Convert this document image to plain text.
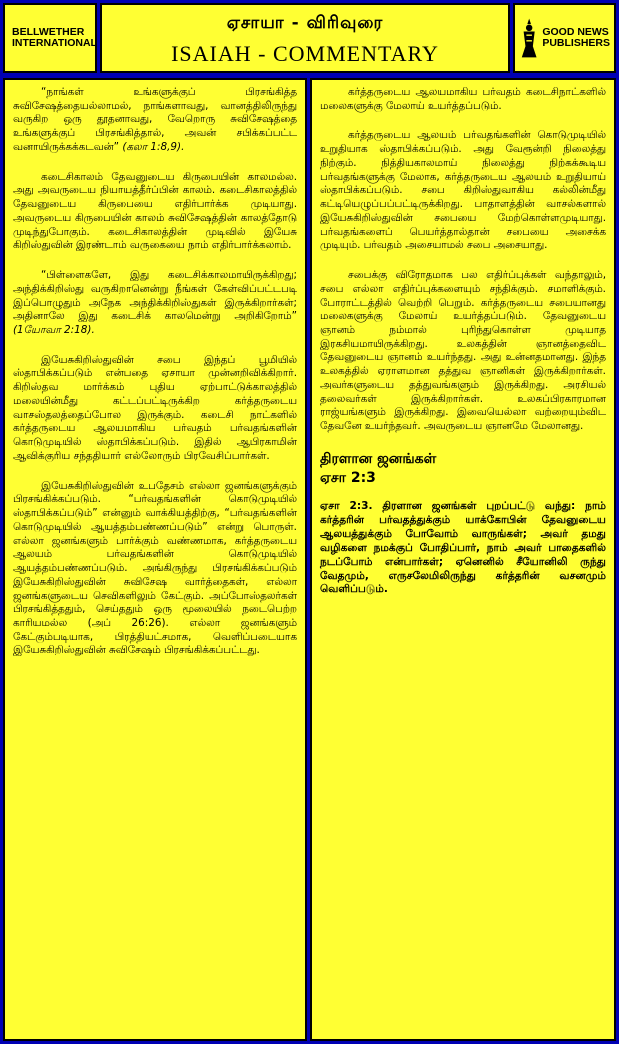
BELLWETHER
INTERNATIONAL
ஏசாயா - விரிவுரை
ISAIAH - COMMENTARY
GOOD NEWS
PUBLISHERS

“நாங்கள் உங்களுக்குப் பிரசங்கித்த சுவிசேஷத்தையல்லாமல், நாங்களாவது, வானத்திலிருந்து வருகிற ஒரு தூதனாவது, வேறொரு சுவிசேஷத்தை உங்களுக்குப் பிரசங்கித்தால், அவன் சபிக்கப்பட்ட வனாயிருக்கக்கடவன்” (கலா 1:8,9).

கடைசிகாலம் தேவனுடைய கிருபையின் காலமல்ல. அது அவருடைய நியாயத்தீர்ப்பின் காலம். கடைசிகாலத்தில் தேவனுடைய கிருபையை எதிர்பார்க்க முடியாது. அவருடைய கிருபையின் காலம் சுவிசேஷத்தின் காலத்தோடு முடிந்துபோகும். கடைசிகாலத்தின் முடிவில் இயேசு கிறிஸ்துவின் இரண்டாம் வருகையை நாம் எதிர்பார்க்கலாம்.

“பிள்ளைகளே, இது கடைசிக்காலமாயிருக்கிறது; அந்திக்கிறிஸ்து வருகிறானென்று நீங்கள் கேள்விப்பட்டபடி இப்பொழுதும் அநேக அந்திக்கிறிஸ்துகள் இருக்கிறார்கள்; அதினாலே இது கடைசிக் காலமென்று அறிகிறோம்” (1யோவா 2:18).

இயேசுகிறிஸ்துவின் சபை இந்தப் பூமியில் ஸ்தாபிக்கப்படும் என்பதை ஏசாயா முன்னறிவிக்கிறார். கிறிஸ்தவ மார்க்கம் புதிய ஏற்பாட்டுக்காலத்தில் மலையின்மீது கட்டப்பட்டிருக்கிற கர்த்தருடைய வாசஸ்தலத்தைப்போல இருக்கும். கடைசி நாட்களில் கர்த்தருடைய ஆலயமாகிய பர்வதம் பர்வதங்களின் கொடுமுடியில் ஸ்தாபிக்கப்படும். இதில் ஆபிரகாமின் ஆவிக்குரிய சந்ததியார் எல்லோரும் பிரவேசிப்பார்கள்.

இயேசுகிறிஸ்துவின் உபதேசம் எல்லா ஜனங்களுக்கும் பிரசங்கிக்கப்படும். “பர்வதங்களின் கொடுமுடியில் ஸ்தாபிக்கப்படும்” என்னும் வாக்கியத்திற்கு, “பர்வதங்களின் கொடுமுடியில் ஆயத்தம்பண்ணப்படும்” என்று பொருள். எல்லா ஜனங்களும் பார்க்கும் வண்ணமாக, கர்த்தருடைய ஆலயம் பர்வதங்களின் கொடுமுடியில் ஆயத்தம்பண்ணப்படும். அங்கிருந்து பிரசங்கிக்கப்படும் இயேசுகிறிஸ்துவின் சுவிசேஷ வார்த்தைகள், எல்லா ஜனங்களுடைய செவிகளிலும் கேட்கும். அப்போஸ்தலர்கள் பிரசங்கித்ததும், செய்ததும் ஒரு மூலையில் நடைபெற்ற காரியமல்ல (அப் 26:26). எல்லா ஜனங்களும் கேட்கும்படியாக, பிரத்தியட்சமாக, வெளிப்படையாக இயேசுகிறிஸ்துவின் சுவிசேஷம் பிரசங்கிக்கப்பட்டது.

கர்த்தருடைய ஆலயமாகிய பர்வதம் கடைசிநாட்களில் மலைகளுக்கு மேலாய் உயர்த்தப்படும்.

கர்த்தருடைய ஆலயம் பர்வதங்களின் கொடுமுடியில் உறுதியாக ஸ்தாபிக்கப்படும். அது வேரூன்றி நிலைத்து நிற்கும். நித்தியகாலமாய் நிலைத்து நிற்கக்கூடிய பர்வதங்களுக்கு மேலாக, கர்த்தருடைய ஆலயம் உறுதியாய் ஸ்தாபிக்கப்படும். சபை கிறிஸ்துவாகிய கல்லின்மீது கட்டியெழுப்பப்பட்டிருக்கிறது. பாதாளத்தின் வாசல்களால் இயேசுகிறிஸ்துவின் சபையை மேற்கொள்ளமுடியாது. பர்வதங்களைப் பெயர்த்தால்தான் சபையை அசைக்க முடியும். பர்வதம் அசையாமல் சபை அசையாது.

சபைக்கு விரோதமாக பல எதிர்ப்புக்கள் வந்தாலும், சபை எல்லா எதிர்ப்புக்களையும் சந்திக்கும். சமாளிக்கும். போராட்டத்தில் வெற்றி பெறும். கர்த்தருடைய சபையானது மலைகளுக்கு மேலாய் உயர்த்தப்படும். தேவனுடைய ஞானம் நம்மால் புரிந்துகொள்ள முடியாத இரகசியமாயிருக்கிறது. உலகத்தின் ஞானத்தைவிட தேவனுடைய ஞானம் உயர்ந்தது. அது உன்னதமானது. இந்த உலகத்தில் ஏராளமான தத்துவ ஞானிகள் இருக்கிறார்கள். அவர்களுடைய தத்துவங்களும் இருக்கிறது. அரசியல் தலைவர்கள் இருக்கிறார்கள். உலகப்பிரகாரமான ராஜ்யங்களும் இருக்கிறது. இவையெல்லா வற்றையும்விட தேவனே உயர்ந்தவர். அவருடைய ஞானமே மேலானது.

திரளான ஜனங்கள்
ஏசா 2:3

ஏசா 2:3. திரளான ஜனங்கள் புறப்பட்டு வந்து: நாம் கர்த்தரின் பர்வதத்துக்கும் யாக்கோபின் தேவனுடைய ஆலயத்துக்கும் போவோம் வாருங்கள்; அவர் தமது வழிகளை நமக்குப் போதிப்பார், நாம் அவர் பாதைகளில் நடப்போம் என்பார்கள்; ஏனெனில் சீயோனிலி ருந்து வேதமும், எருசலேமிலிருந்து கர்த்தரின் வசனமும் வெளிப்படும்.
